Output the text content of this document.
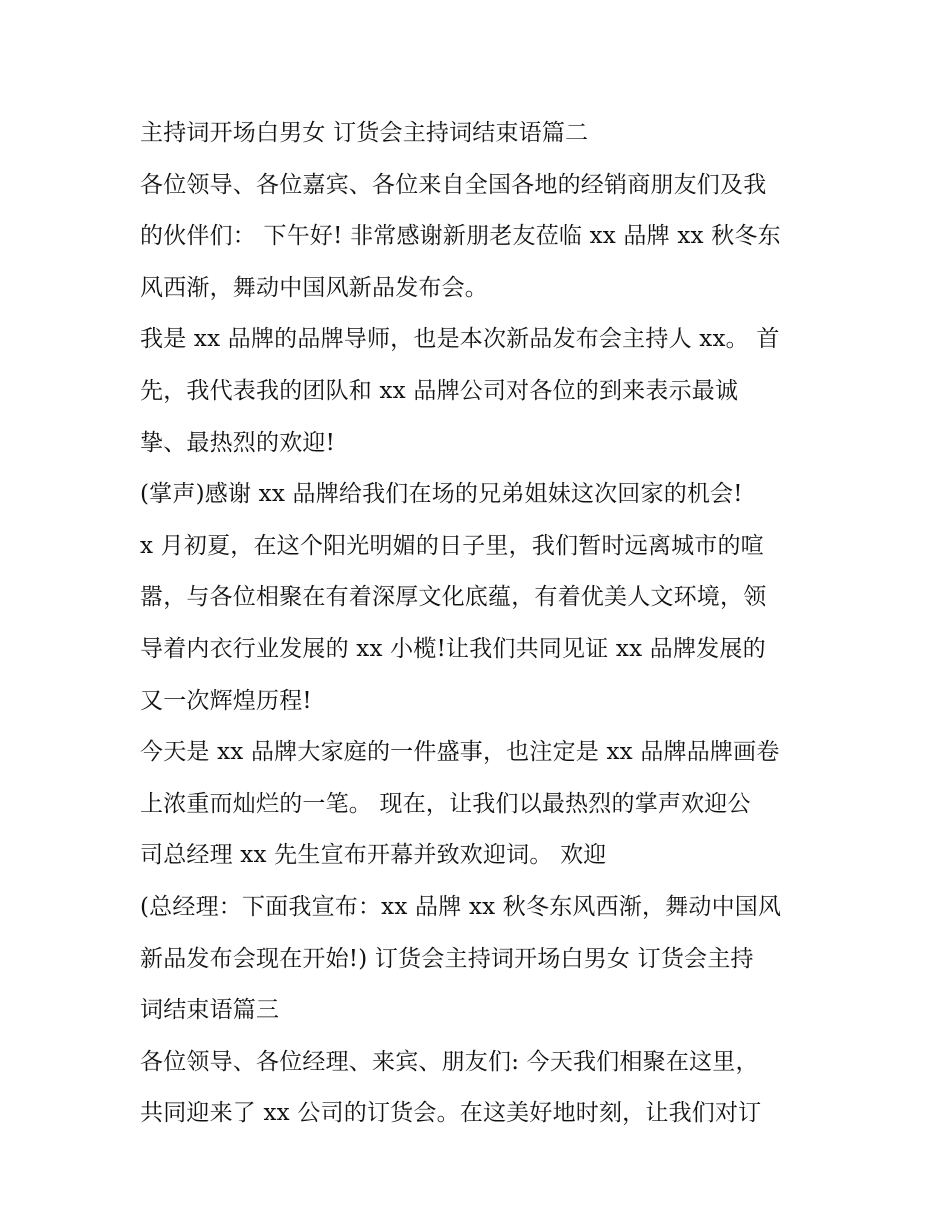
主持词开场白男女 订货会主持词结束语篇二
各位领导、各位嘉宾、各位来自全国各地的经销商朋友们及我
的伙伴们： 下午好! 非常感谢新朋老友莅临 xx 品牌 xx 秋冬东
风西渐，舞动中国风新品发布会。
我是 xx 品牌的品牌导师，也是本次新品发布会主持人 xx。 首
先，我代表我的团队和 xx 品牌公司对各位的到来表示最诚
挚、最热烈的欢迎!
(掌声)感谢 xx 品牌给我们在场的兄弟姐妹这次回家的机会!
x 月初夏，在这个阳光明媚的日子里，我们暂时远离城市的喧
嚣，与各位相聚在有着深厚文化底蕴，有着优美人文环境，领
导着内衣行业发展的 xx 小榄!让我们共同见证 xx 品牌发展的
又一次辉煌历程!
今天是 xx 品牌大家庭的一件盛事，也注定是 xx 品牌品牌画卷
上浓重而灿烂的一笔。 现在，让我们以最热烈的掌声欢迎公
司总经理 xx 先生宣布开幕并致欢迎词。 欢迎
(总经理：下面我宣布：xx 品牌 xx 秋冬东风西渐，舞动中国风
新品发布会现在开始!) 订货会主持词开场白男女 订货会主持
词结束语篇三
各位领导、各位经理、来宾、朋友们: 今天我们相聚在这里，
共同迎来了 xx 公司的订货会。在这美好地时刻，让我们对订
